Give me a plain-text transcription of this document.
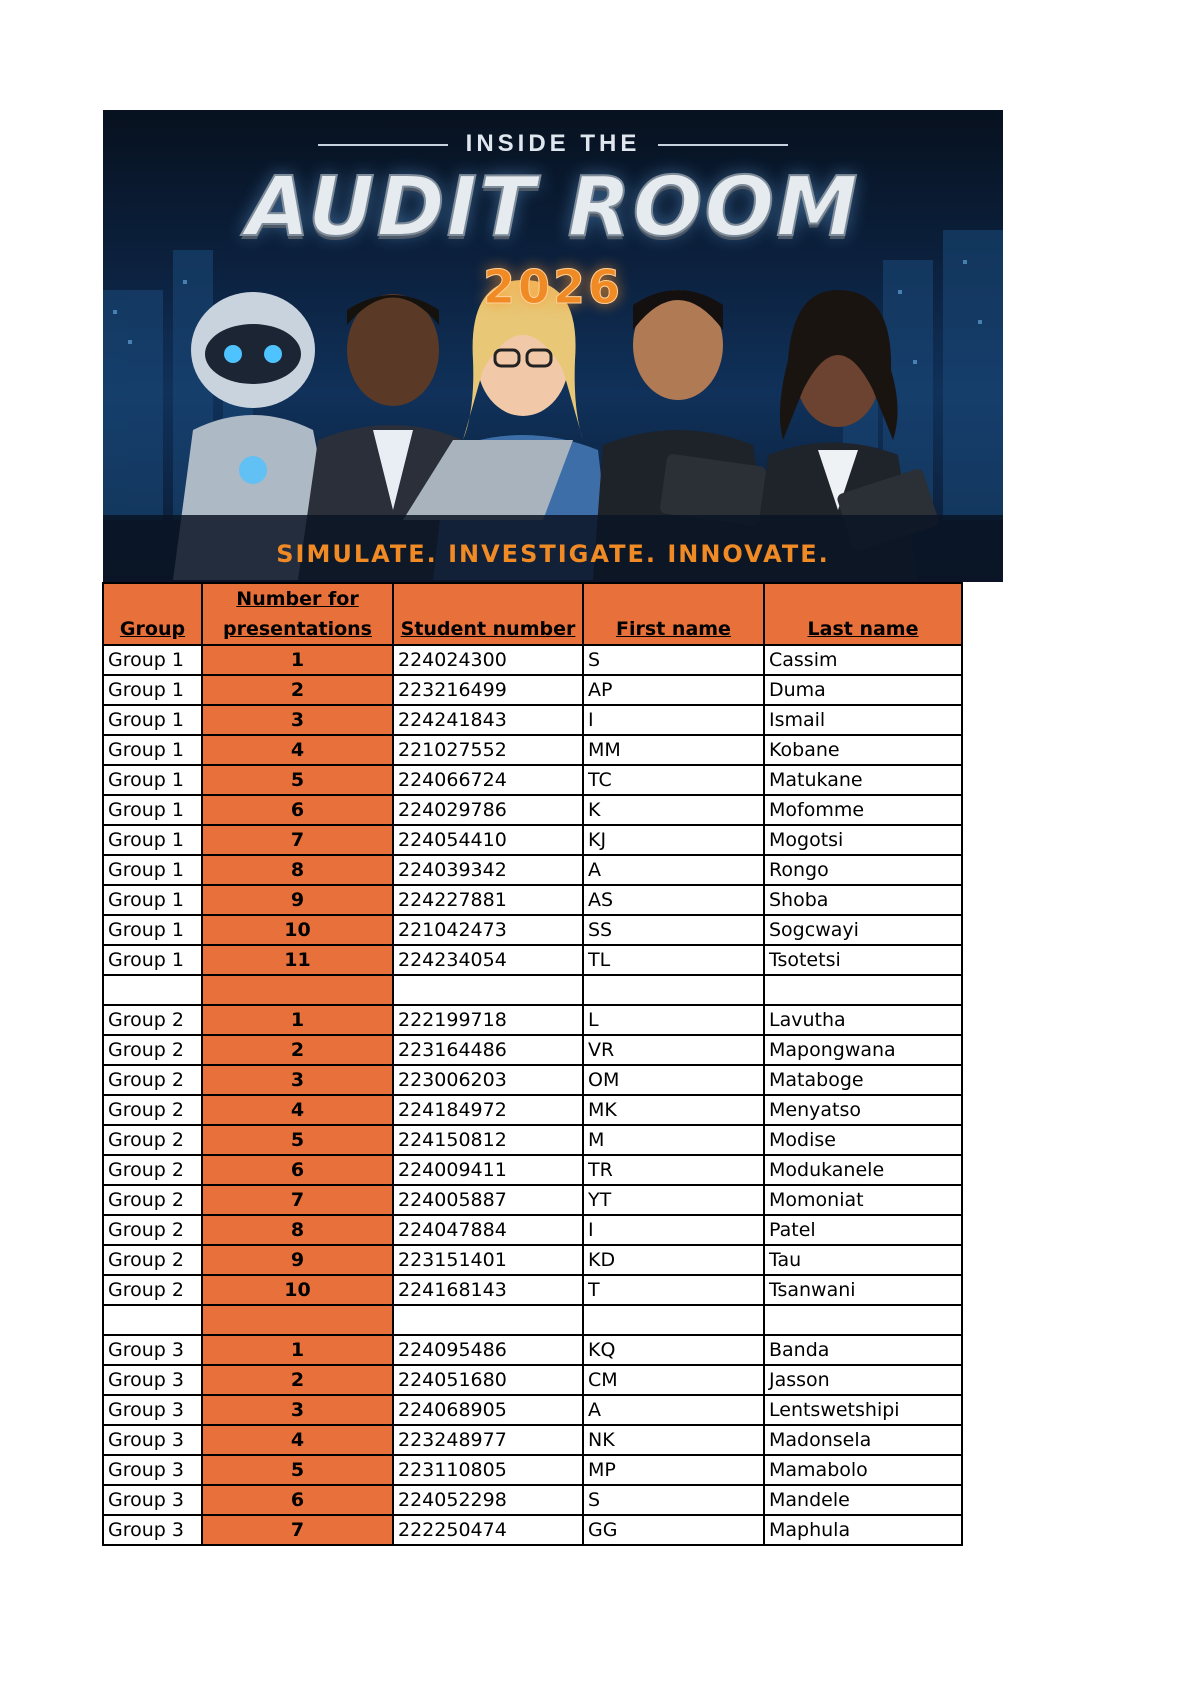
INSIDE THE
AUDIT ROOM
2026
SIMULATE. INVESTIGATE. INNOVATE.
Group	Number for presentations	Student number	First name	Last name
Group 1	1	224024300	S	Cassim
Group 1	2	223216499	AP	Duma
Group 1	3	224241843	I	Ismail
Group 1	4	221027552	MM	Kobane
Group 1	5	224066724	TC	Matukane
Group 1	6	224029786	K	Mofomme
Group 1	7	224054410	KJ	Mogotsi
Group 1	8	224039342	A	Rongo
Group 1	9	224227881	AS	Shoba
Group 1	10	221042473	SS	Sogcwayi
Group 1	11	224234054	TL	Tsotetsi

Group 2	1	222199718	L	Lavutha
Group 2	2	223164486	VR	Mapongwana
Group 2	3	223006203	OM	Mataboge
Group 2	4	224184972	MK	Menyatso
Group 2	5	224150812	M	Modise
Group 2	6	224009411	TR	Modukanele
Group 2	7	224005887	YT	Momoniat
Group 2	8	224047884	I	Patel
Group 2	9	223151401	KD	Tau
Group 2	10	224168143	T	Tsanwani

Group 3	1	224095486	KQ	Banda
Group 3	2	224051680	CM	Jasson
Group 3	3	224068905	A	Lentswetshipi
Group 3	4	223248977	NK	Madonsela
Group 3	5	223110805	MP	Mamabolo
Group 3	6	224052298	S	Mandele
Group 3	7	222250474	GG	Maphula
